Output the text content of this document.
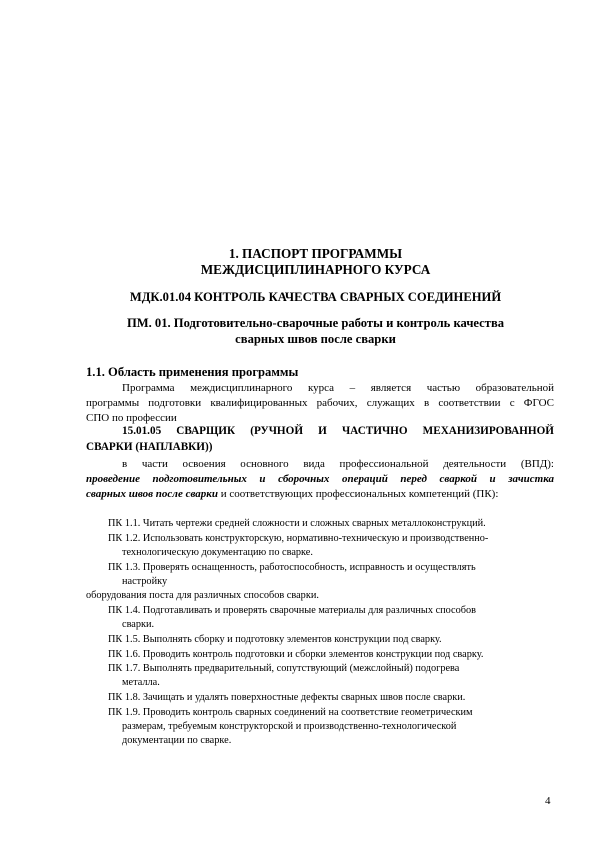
1. ПАСПОРТ ПРОГРАММЫ
МЕЖДИСЦИПЛИНАРНОГО КУРСА
МДК.01.04 КОНТРОЛЬ КАЧЕСТВА СВАРНЫХ СОЕДИНЕНИЙ
ПМ. 01. Подготовительно-сварочные работы и контроль качества
сварных швов после сварки
1.1. Область применения программы
Программа междисциплинарного курса – является частью образовательной
программы подготовки квалифицированных рабочих, служащих в соответствии с ФГОС
СПО по профессии
15.01.05 СВАРЩИК (РУЧНОЙ И ЧАСТИЧНО МЕХАНИЗИРОВАННОЙ
СВАРКИ (НАПЛАВКИ))
в части освоения основного вида профессиональной деятельности (ВПД):
проведение подготовительных и сборочных операций перед сваркой и зачистка
сварных швов после сварки и соответствующих профессиональных компетенций (ПК):
ПК 1.1. Читать чертежи средней сложности и сложных сварных металлоконструкций.
ПК 1.2. Использовать конструкторскую, нормативно-техническую и производственно-
технологическую документацию по сварке.
ПК 1.3. Проверять оснащенность, работоспособность, исправность и осуществлять
настройку
оборудования поста для различных способов сварки.
ПК 1.4. Подготавливать и проверять сварочные материалы для различных способов
сварки.
ПК 1.5. Выполнять сборку и подготовку элементов конструкции под сварку.
ПК 1.6. Проводить контроль подготовки и сборки элементов конструкции под сварку.
ПК 1.7. Выполнять предварительный, сопутствующий (межслойный) подогрева
металла.
ПК 1.8. Зачищать и удалять поверхностные дефекты сварных швов после сварки.
ПК 1.9. Проводить контроль сварных соединений на соответствие геометрическим
размерам, требуемым конструкторской и производственно-технологической
документации по сварке.
4
